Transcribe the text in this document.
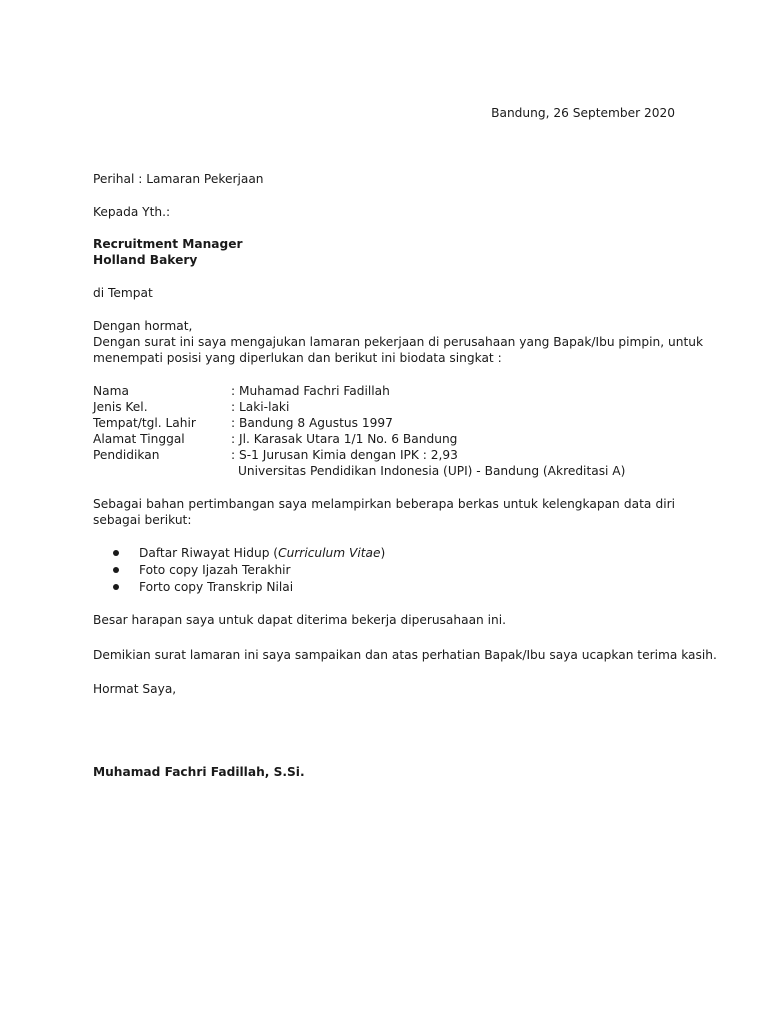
Bandung, 26 September 2020
Perihal : Lamaran Pekerjaan
Kepada Yth.:
Recruitment Manager
Holland Bakery
di Tempat
Dengan hormat,
Dengan surat ini saya mengajukan lamaran pekerjaan di perusahaan yang Bapak/Ibu pimpin, untuk
menempati posisi yang diperlukan dan berikut ini biodata singkat :
Nama	: Muhamad Fachri Fadillah
Jenis Kel.	: Laki-laki
Tempat/tgl. Lahir	: Bandung 8 Agustus 1997
Alamat Tinggal	: Jl. Karasak Utara 1/1 No. 6 Bandung
Pendidikan	: S-1 Jurusan Kimia dengan IPK : 2,93
Universitas Pendidikan Indonesia (UPI) - Bandung (Akreditasi A)
Sebagai bahan pertimbangan saya melampirkan beberapa berkas untuk kelengkapan data diri
sebagai berikut:
Daftar Riwayat Hidup (Curriculum Vitae)
Foto copy Ijazah Terakhir
Forto copy Transkrip Nilai
Besar harapan saya untuk dapat diterima bekerja diperusahaan ini.
Demikian surat lamaran ini saya sampaikan dan atas perhatian Bapak/Ibu saya ucapkan terima kasih.
Hormat Saya,
Muhamad Fachri Fadillah, S.Si.
